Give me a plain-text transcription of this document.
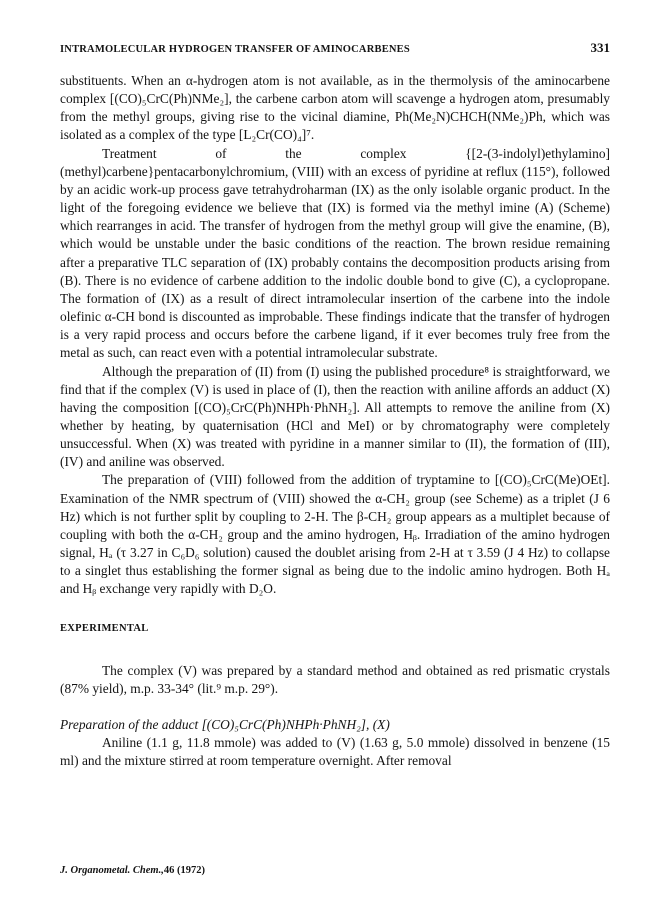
INTRAMOLECULAR HYDROGEN TRANSFER OF AMINOCARBENES	331

substituents. When an α-hydrogen atom is not available, as in the thermolysis of the aminocarbene complex [(CO)₅CrC(Ph)NMe₂], the carbene carbon atom will scavenge a hydrogen atom, presumably from the methyl groups, giving rise to the vicinal diamine, Ph(Me₂N)CHCH(NMe₂)Ph, which was isolated as a complex of the type [L₂Cr(CO)₄]⁷.

Treatment of the complex {[2-(3-indolyl)ethylamino](methyl)carbene}pentacarbonylchromium, (VIII) with an excess of pyridine at reflux (115°), followed by an acidic work-up process gave tetrahydroharman (IX) as the only isolable organic product. In the light of the foregoing evidence we believe that (IX) is formed via the methyl imine (A) (Scheme) which rearranges in acid. The transfer of hydrogen from the methyl group will give the enamine, (B), which would be unstable under the basic conditions of the reaction. The brown residue remaining after a preparative TLC separation of (IX) probably contains the decomposition products arising from (B). There is no evidence of carbene addition to the indolic double bond to give (C), a cyclopropane. The formation of (IX) as a result of direct intramolecular insertion of the carbene into the indole olefinic α-CH bond is discounted as improbable. These findings indicate that the transfer of hydrogen is a very rapid process and occurs before the carbene ligand, if it ever becomes truly free from the metal as such, can react even with a potential intramolecular substrate.

Although the preparation of (II) from (I) using the published procedure⁸ is straightforward, we find that if the complex (V) is used in place of (I), then the reaction with aniline affords an adduct (X) having the composition [(CO)₅CrC(Ph)NHPh·PhNH₂]. All attempts to remove the aniline from (X) whether by heating, by quaternisation (HCl and MeI) or by chromatography were completely unsuccessful. When (X) was treated with pyridine in a manner similar to (II), the formation of (III), (IV) and aniline was observed.

The preparation of (VIII) followed from the addition of tryptamine to [(CO)₅CrC(Me)OEt]. Examination of the NMR spectrum of (VIII) showed the α-CH₂ group (see Scheme) as a triplet (J 6 Hz) which is not further split by coupling to 2-H. The β-CH₂ group appears as a multiplet because of coupling with both the α-CH₂ group and the amino hydrogen, Hᵦ. Irradiation of the amino hydrogen signal, Hₐ (τ 3.27 in C₆D₆ solution) caused the doublet arising from 2-H at τ 3.59 (J 4 Hz) to collapse to a singlet thus establishing the former signal as being due to the indolic amino hydrogen. Both Hₐ and Hᵦ exchange very rapidly with D₂O.

EXPERIMENTAL

The complex (V) was prepared by a standard method and obtained as red prismatic crystals (87% yield), m.p. 33-34° (lit.⁹ m.p. 29°).

Preparation of the adduct [(CO)₅CrC(Ph)NHPh·PhNH₂], (X)

Aniline (1.1 g, 11.8 mmole) was added to (V) (1.63 g, 5.0 mmole) dissolved in benzene (15 ml) and the mixture stirred at room temperature overnight. After removal

J. Organometal. Chem.,46 (1972)
